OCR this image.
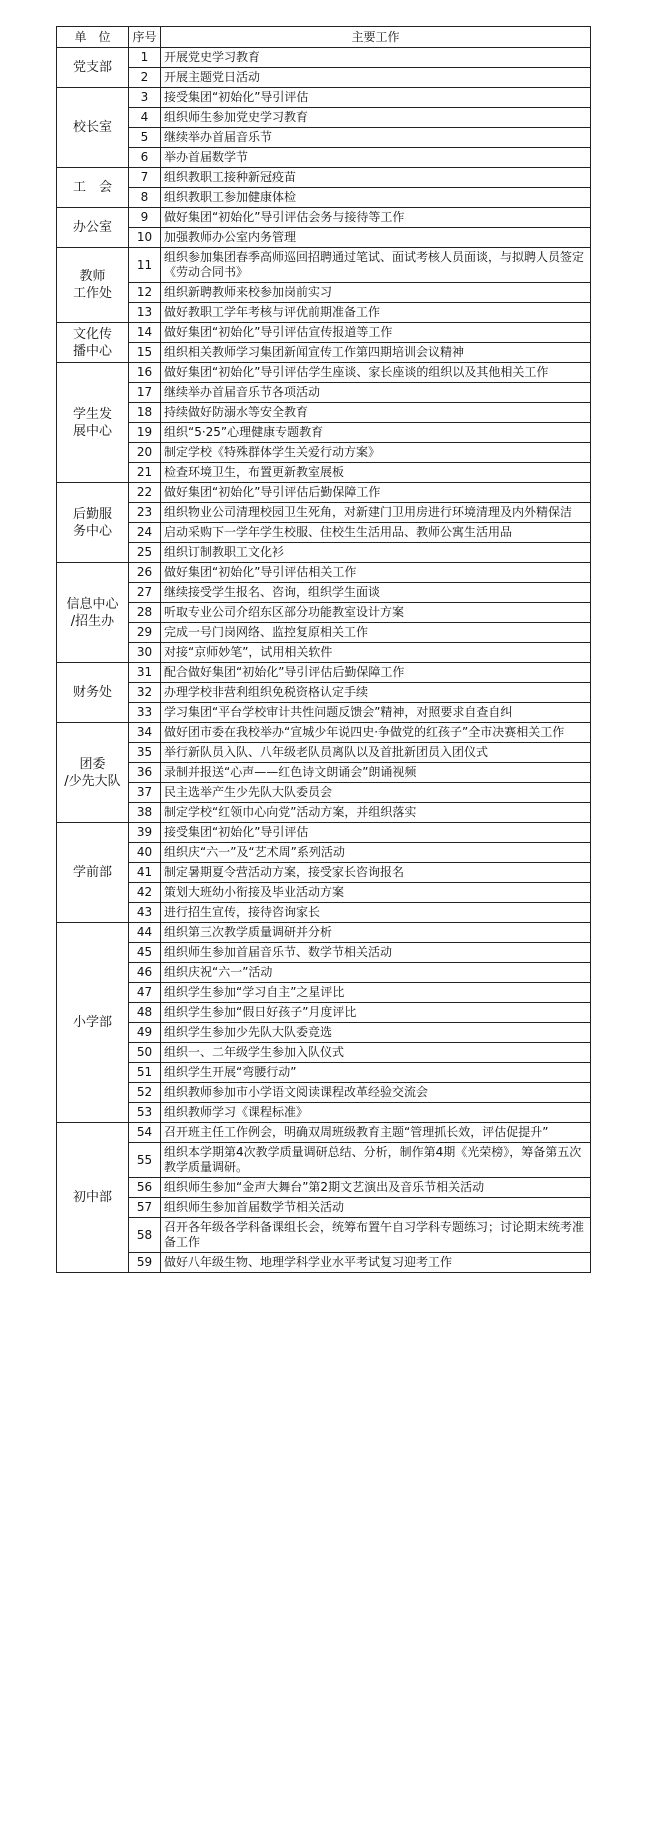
单　位	序号	主要工作
党支部	1	开展党史学习教育
	2	开展主题党日活动
校长室	3	接受集团“初始化”导引评估
	4	组织师生参加党史学习教育
	5	继续举办首届音乐节
	6	举办首届数学节
工　会	7	组织教职工接种新冠疫苗
	8	组织教职工参加健康体检
办公室	9	做好集团“初始化”导引评估会务与接待等工作
	10	加强教师办公室内务管理
教师
工作处	11	组织参加集团春季高师巡回招聘通过笔试、面试考核人员面谈，与拟聘人员签定《劳动合同书》
	12	组织新聘教师来校参加岗前实习
	13	做好教职工学年考核与评优前期准备工作
文化传
播中心	14	做好集团“初始化”导引评估宣传报道等工作
	15	组织相关教师学习集团新闻宣传工作第四期培训会议精神
学生发
展中心	16	做好集团“初始化”导引评估学生座谈、家长座谈的组织以及其他相关工作
	17	继续举办首届音乐节各项活动
	18	持续做好防溺水等安全教育
	19	组织“5·25”心理健康专题教育
	20	制定学校《特殊群体学生关爱行动方案》
	21	检查环境卫生，布置更新教室展板
后勤服
务中心	22	做好集团“初始化”导引评估后勤保障工作
	23	组织物业公司清理校园卫生死角，对新建门卫用房进行环境清理及内外精保洁
	24	启动采购下一学年学生校服、住校生生活用品、教师公寓生活用品
	25	组织订制教职工文化衫
信息中心
/招生办	26	做好集团“初始化”导引评估相关工作
	27	继续接受学生报名、咨询，组织学生面谈
	28	听取专业公司介绍东区部分功能教室设计方案
	29	完成一号门岗网络、监控复原相关工作
	30	对接“京师妙笔”，试用相关软件
财务处	31	配合做好集团“初始化”导引评估后勤保障工作
	32	办理学校非营利组织免税资格认定手续
	33	学习集团“平台学校审计共性问题反馈会”精神，对照要求自查自纠
团委
/少先大队	34	做好团市委在我校举办“宣城少年说四史·争做党的红孩子”全市决赛相关工作
	35	举行新队员入队、八年级老队员离队以及首批新团员入团仪式
	36	录制并报送“心声——红色诗文朗诵会”朗诵视频
	37	民主选举产生少先队大队委员会
	38	制定学校“红领巾心向党”活动方案，并组织落实
学前部	39	接受集团“初始化”导引评估
	40	组织庆“六一”及“艺术周”系列活动
	41	制定暑期夏令营活动方案，接受家长咨询报名
	42	策划大班幼小衔接及毕业活动方案
	43	进行招生宣传，接待咨询家长
小学部	44	组织第三次教学质量调研并分析
	45	组织师生参加首届音乐节、数学节相关活动
	46	组织庆祝“六一”活动
	47	组织学生参加“学习自主”之星评比
	48	组织学生参加“假日好孩子”月度评比
	49	组织学生参加少先队大队委竞选
	50	组织一、二年级学生参加入队仪式
	51	组织学生开展“弯腰行动”
	52	组织教师参加市小学语文阅读课程改革经验交流会
	53	组织教师学习《课程标准》
初中部	54	召开班主任工作例会，明确双周班级教育主题“管理抓长效，评估促提升”
	55	组织本学期第4次教学质量调研总结、分析，制作第4期《光荣榜》，筹备第五次教学质量调研。
	56	组织师生参加“金声大舞台”第2期文艺演出及音乐节相关活动
	57	组织师生参加首届数学节相关活动
	58	召开各年级各学科备课组长会，统筹布置午自习学科专题练习；讨论期末统考准备工作
	59	做好八年级生物、地理学科学业水平考试复习迎考工作
